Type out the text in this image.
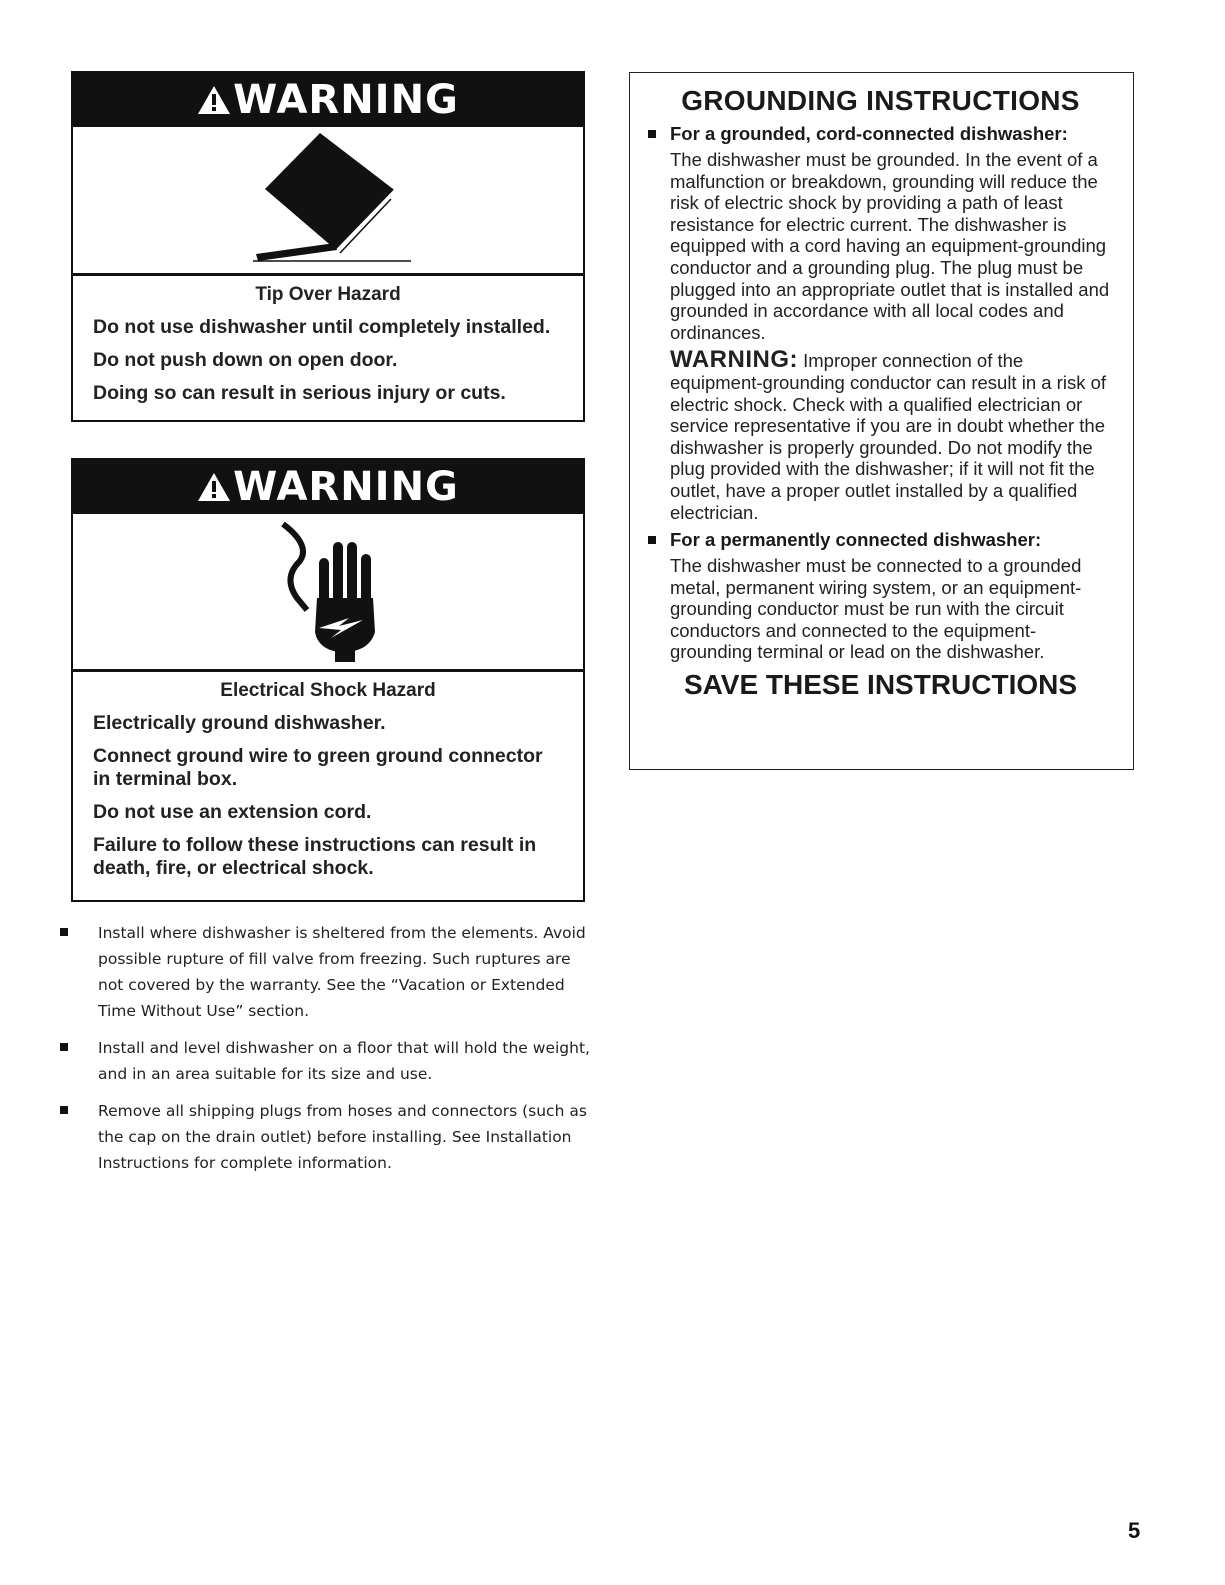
WARNING

Tip Over Hazard

Do not use dishwasher until completely installed.

Do not push down on open door.

Doing so can result in serious injury or cuts.

WARNING

Electrical Shock Hazard

Electrically ground dishwasher.

Connect ground wire to green ground connector in terminal box.

Do not use an extension cord.

Failure to follow these instructions can result in death, fire, or electrical shock.

GROUNDING INSTRUCTIONS
For a grounded, cord-connected dishwasher:

The dishwasher must be grounded. In the event of a malfunction or breakdown, grounding will reduce the risk of electric shock by providing a path of least resistance for electric current. The dishwasher is equipped with a cord having an equipment-grounding conductor and a grounding plug. The plug must be plugged into an appropriate outlet that is installed and grounded in accordance with all local codes and ordinances.

WARNING: Improper connection of the equipment-grounding conductor can result in a risk of electric shock. Check with a qualified electrician or service representative if you are in doubt whether the dishwasher is properly grounded. Do not modify the plug provided with the dishwasher; if it will not fit the outlet, have a proper outlet installed by a qualified electrician.

For a permanently connected dishwasher:

The dishwasher must be connected to a grounded metal, permanent wiring system, or an equipment-grounding conductor must be run with the circuit conductors and connected to the equipment-grounding terminal or lead on the dishwasher.

SAVE THESE INSTRUCTIONS
Install where dishwasher is sheltered from the elements. Avoid possible rupture of fill valve from freezing. Such ruptures are not covered by the warranty. See the “Vacation or Extended Time Without Use” section.
Install and level dishwasher on a floor that will hold the weight, and in an area suitable for its size and use.
Remove all shipping plugs from hoses and connectors (such as the cap on the drain outlet) before installing. See Installation Instructions for complete information.
5
